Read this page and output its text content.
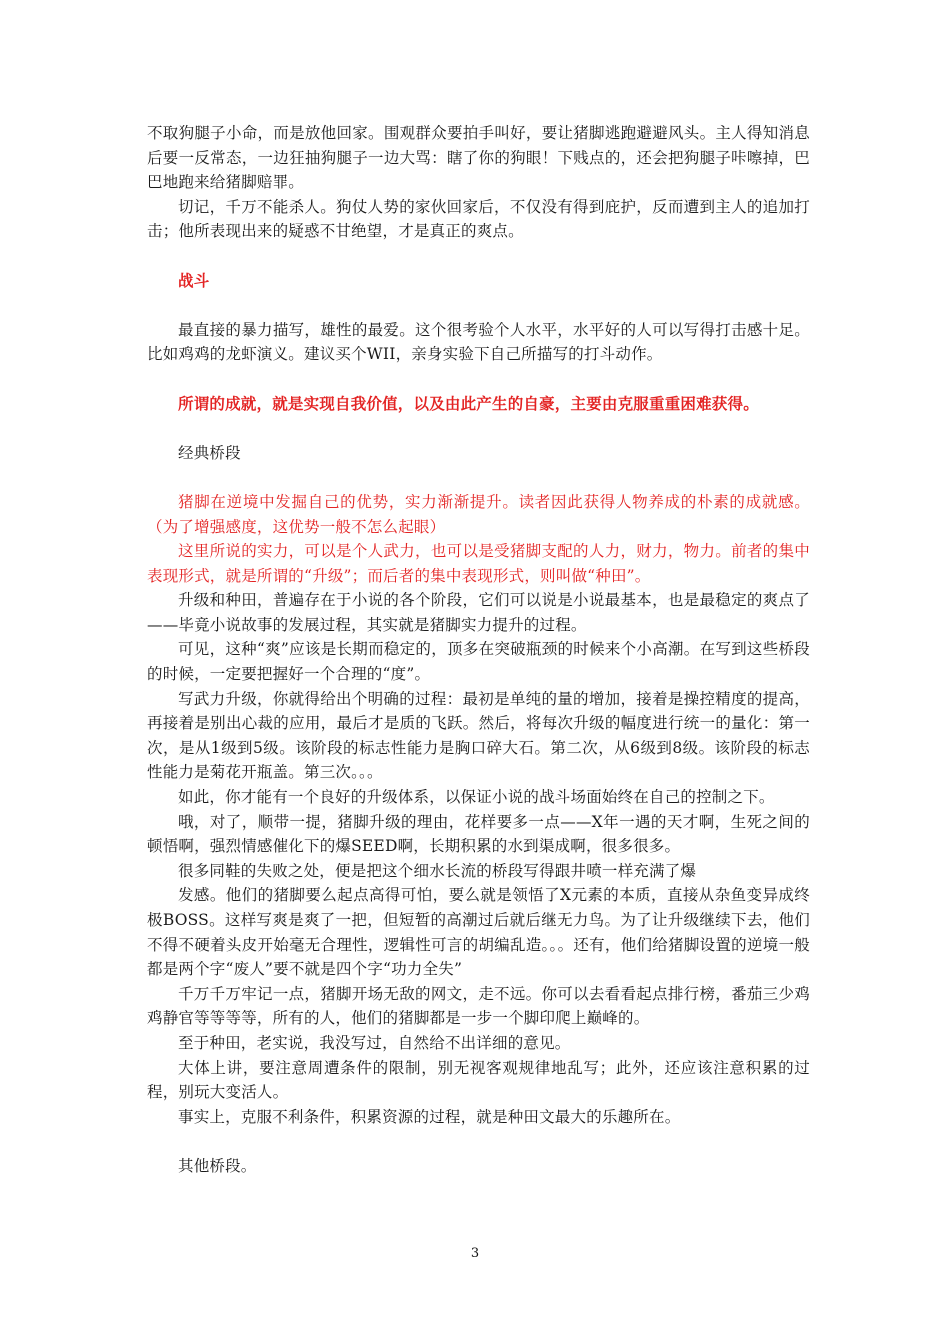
不取狗腿子小命，而是放他回家。围观群众要拍手叫好，要让猪脚逃跑避避风头。主人得知消息后要一反常态，一边狂抽狗腿子一边大骂：瞎了你的狗眼！下贱点的，还会把狗腿子咔嚓掉，巴巴地跑来给猪脚赔罪。

切记，千万不能杀人。狗仗人势的家伙回家后，不仅没有得到庇护，反而遭到主人的追加打击；他所表现出来的疑惑不甘绝望，才是真正的爽点。

战斗

最直接的暴力描写，雄性的最爱。这个很考验个人水平，水平好的人可以写得打击感十足。比如鸡鸡的龙虾演义。建议买个WII，亲身实验下自己所描写的打斗动作。

所谓的成就，就是实现自我价值，以及由此产生的自豪，主要由克服重重困难获得。

经典桥段

猪脚在逆境中发掘自己的优势，实力渐渐提升。读者因此获得人物养成的朴素的成就感。（为了增强感度，这优势一般不怎么起眼）

这里所说的实力，可以是个人武力，也可以是受猪脚支配的人力，财力，物力。前者的集中表现形式，就是所谓的“升级”；而后者的集中表现形式，则叫做“种田”。

升级和种田，普遍存在于小说的各个阶段，它们可以说是小说最基本，也是最稳定的爽点了——毕竟小说故事的发展过程，其实就是猪脚实力提升的过程。

可见，这种“爽”应该是长期而稳定的，顶多在突破瓶颈的时候来个小高潮。在写到这些桥段的时候，一定要把握好一个合理的“度”。

写武力升级，你就得给出个明确的过程：最初是单纯的量的增加，接着是操控精度的提高，再接着是别出心裁的应用，最后才是质的飞跃。然后，将每次升级的幅度进行统一的量化：第一次，是从1级到5级。该阶段的标志性能力是胸口碎大石。第二次，从6级到8级。该阶段的标志性能力是菊花开瓶盖。第三次。。。

如此，你才能有一个良好的升级体系，以保证小说的战斗场面始终在自己的控制之下。

哦，对了，顺带一提，猪脚升级的理由，花样要多一点——X年一遇的天才啊，生死之间的顿悟啊，强烈情感催化下的爆SEED啊，长期积累的水到渠成啊，很多很多。

很多同鞋的失败之处，便是把这个细水长流的桥段写得跟井喷一样充满了爆

发感。他们的猪脚要么起点高得可怕，要么就是领悟了X元素的本质，直接从杂鱼变异成终极BOSS。这样写爽是爽了一把，但短暂的高潮过后就后继无力鸟。为了让升级继续下去，他们不得不硬着头皮开始毫无合理性，逻辑性可言的胡编乱造。。。还有，他们给猪脚设置的逆境一般都是两个字“废人”要不就是四个字“功力全失”

千万千万牢记一点，猪脚开场无敌的网文，走不远。你可以去看看起点排行榜，番茄三少鸡鸡静官等等等等，所有的人，他们的猪脚都是一步一个脚印爬上巅峰的。

至于种田，老实说，我没写过，自然给不出详细的意见。

大体上讲，要注意周遭条件的限制，别无视客观规律地乱写；此外，还应该注意积累的过程，别玩大变活人。

事实上，克服不利条件，积累资源的过程，就是种田文最大的乐趣所在。

其他桥段。

3
